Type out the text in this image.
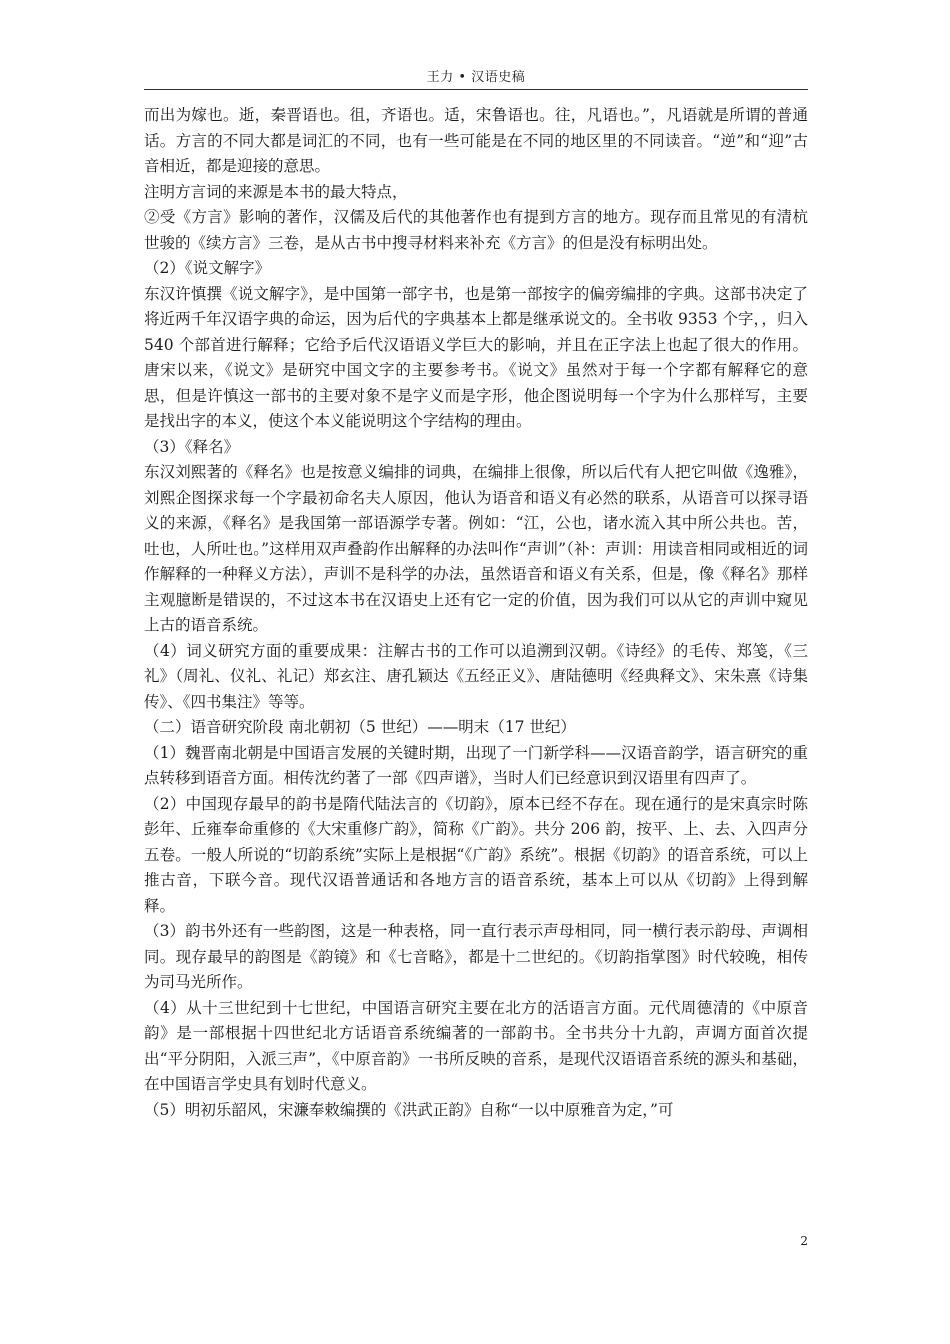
王力 • 汉语史稿

而出为嫁也。逝，秦晋语也。徂，齐语也。适，宋鲁语也。往，凡语也。”，凡语就是所谓的普通话。方言的不同大都是词汇的不同，也有一些可能是在不同的地区里的不同读音。“逆”和“迎”古音相近，都是迎接的意思。

注明方言词的来源是本书的最大特点，

②受《方言》影响的著作，汉儒及后代的其他著作也有提到方言的地方。现存而且常见的有清杭世骏的《续方言》三卷，是从古书中搜寻材料来补充《方言》的但是没有标明出处。

（2）《说文解字》

东汉许慎撰《说文解字》，是中国第一部字书，也是第一部按字的偏旁编排的字典。这部书决定了将近两千年汉语字典的命运，因为后代的字典基本上都是继承说文的。全书收 9353 个字，，归入 540 个部首进行解释；它给予后代汉语语义学巨大的影响，并且在正字法上也起了很大的作用。唐宋以来，《说文》是研究中国文字的主要参考书。《说文》虽然对于每一个字都有解释它的意思，但是许慎这一部书的主要对象不是字义而是字形，他企图说明每一个字为什么那样写，主要是找出字的本义，使这个本义能说明这个字结构的理由。

（3）《释名》

东汉刘熙著的《释名》也是按意义编排的词典，在编排上很像，所以后代有人把它叫做《逸雅》，刘熙企图探求每一个字最初命名夫人原因，他认为语音和语义有必然的联系，从语音可以探寻语义的来源，《释名》是我国第一部语源学专著。例如：“江，公也，诸水流入其中所公共也。苦，吐也，人所吐也。”这样用双声叠韵作出解释的办法叫作“声训”（补：声训：用读音相同或相近的词作解释的一种释义方法），声训不是科学的办法，虽然语音和语义有关系，但是，像《释名》那样主观臆断是错误的，不过这本书在汉语史上还有它一定的价值，因为我们可以从它的声训中窥见上古的语音系统。

（4）词义研究方面的重要成果：注解古书的工作可以追溯到汉朝。《诗经》的毛传、郑笺，《三礼》（周礼、仪礼、礼记）郑玄注、唐孔颖达《五经正义》、唐陆德明《经典释文》、宋朱熹《诗集传》、《四书集注》等等。

（二）语音研究阶段 南北朝初（5 世纪）——明末（17 世纪）

（1）魏晋南北朝是中国语言发展的关键时期，出现了一门新学科——汉语音韵学，语言研究的重点转移到语音方面。相传沈约著了一部《四声谱》，当时人们已经意识到汉语里有四声了。

（2）中国现存最早的韵书是隋代陆法言的《切韵》，原本已经不存在。现在通行的是宋真宗时陈彭年、丘雍奉命重修的《大宋重修广韵》，简称《广韵》。共分 206 韵，按平、上、去、入四声分五卷。一般人所说的“切韵系统”实际上是根据“《广韵》系统”。根据《切韵》的语音系统，可以上推古音，下联今音。现代汉语普通话和各地方言的语音系统，基本上可以从《切韵》上得到解释。

（3）韵书外还有一些韵图，这是一种表格，同一直行表示声母相同，同一横行表示韵母、声调相同。现存最早的韵图是《韵镜》和《七音略》，都是十二世纪的。《切韵指掌图》时代较晚，相传为司马光所作。

（4）从十三世纪到十七世纪，中国语言研究主要在北方的活语言方面。元代周德清的《中原音韵》是一部根据十四世纪北方话语音系统编著的一部韵书。全书共分十九韵，声调方面首次提出“平分阴阳，入派三声”，《中原音韵》一书所反映的音系，是现代汉语语音系统的源头和基础，在中国语言学史具有划时代意义。

（5）明初乐韶风，宋濂奉敕编撰的《洪武正韵》自称“一以中原雅音为定，”可

2
